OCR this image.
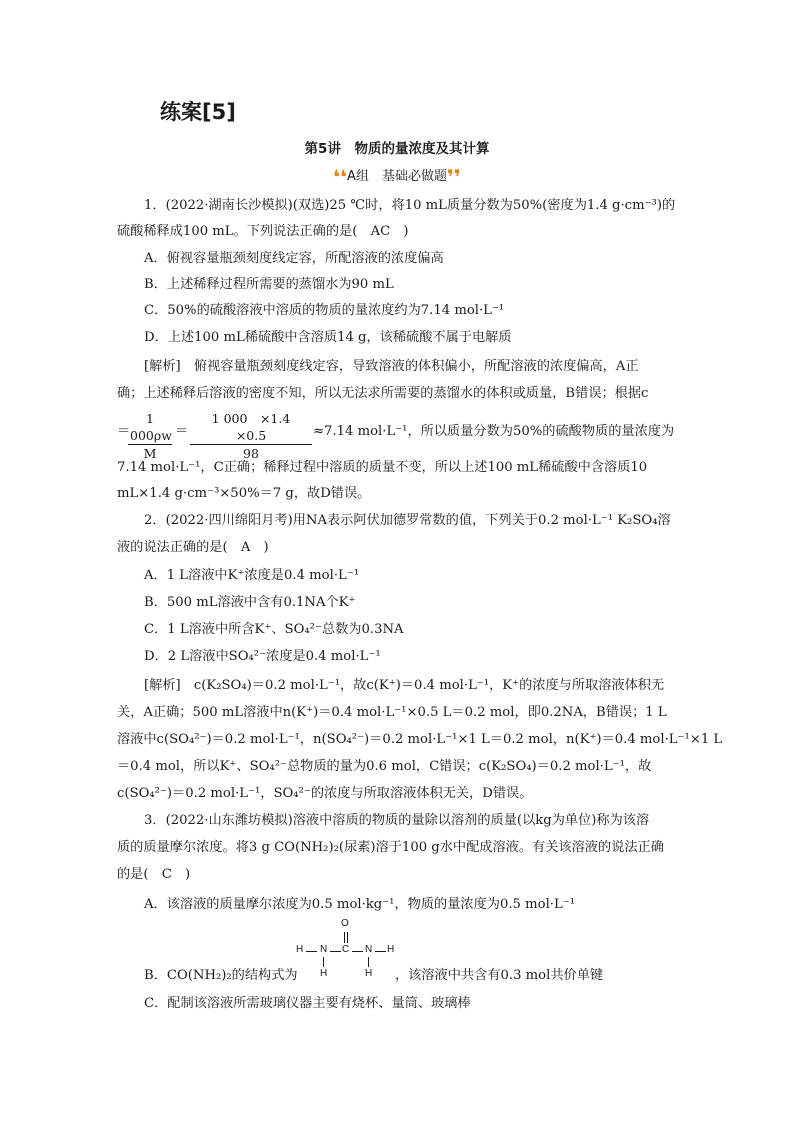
练案[5]
第5讲　物质的量浓度及其计算
❛❛A组　基础必做题❜❜
1．(2022·湖南长沙模拟)(双选)25 ℃时，将10 mL质量分数为50%(密度为1.4 g·cm⁻³)的
硫酸稀释成100 mL。下列说法正确的是(　AC　)
A．俯视容量瓶颈刻度线定容，所配溶液的浓度偏高
B．上述稀释过程所需要的蒸馏水为90 mL
C．50%的硫酸溶液中溶质的物质的量浓度约为7.14 mol·L⁻¹
D．上述100 mL稀硫酸中含溶质14 g，该稀硫酸不属于电解质
[解析]　俯视容量瓶颈刻度线定容，导致溶液的体积偏小，所配溶液的浓度偏高，A正
确；上述稀释后溶液的密度不知，所以无法求所需要的蒸馏水的体积或质量，B错误；根据c
＝
$\frac{1 000\rho w}{M} = \frac{1 000 \times 1.4 \times 0.5}{98} \approx 7.14$ mol·L⁻¹，所以质量分数为50%的硫酸物质的量浓度为
7.14 mol·L⁻¹，C正确；稀释过程中溶质的质量不变，所以上述100 mL稀硫酸中含溶质10
mL×1.4 g·cm⁻³×50%＝7 g，故D错误。
2．(2022·四川绵阳月考)用NA表示阿伏加德罗常数的值，下列关于0.2 mol·L⁻¹ K₂SO₄溶
液的说法正确的是(　A　)
A．1 L溶液中K⁺浓度是0.4 mol·L⁻¹
B．500 mL溶液中含有0.1NA个K⁺
C．1 L溶液中所含K⁺、SO₄²⁻总数为0.3NA
D．2 L溶液中SO₄²⁻浓度是0.4 mol·L⁻¹
[解析]　c(K₂SO₄)＝0.2 mol·L⁻¹，故c(K⁺)＝0.4 mol·L⁻¹，K⁺的浓度与所取溶液体积无
关，A正确；500 mL溶液中n(K⁺)＝0.4 mol·L⁻¹×0.5 L＝0.2 mol，即0.2NA，B错误；1 L
溶液中c(SO₄²⁻)＝0.2 mol·L⁻¹，n(SO₄²⁻)＝0.2 mol·L⁻¹×1 L＝0.2 mol，n(K⁺)＝0.4 mol·L⁻¹×1 L
＝0.4 mol，所以K⁺、SO₄²⁻总物质的量为0.6 mol，C错误；c(K₂SO₄)＝0.2 mol·L⁻¹，故
c(SO₄²⁻)＝0.2 mol·L⁻¹，SO₄²⁻的浓度与所取溶液体积无关，D错误。
3．(2022·山东潍坊模拟)溶液中溶质的物质的量除以溶剂的质量(以kg为单位)称为该溶
质的质量摩尔浓度。将3 g CO(NH₂)₂(尿素)溶于100 g水中配成溶液。有关该溶液的说法正确
的是(　C　)
A．该溶液的质量摩尔浓度为0.5 mol·kg⁻¹，物质的量浓度为0.5 mol·L⁻¹
O
H N C N H
H	H
B．CO(NH₂)₂的结构式为	，该溶液中共含有0.3 mol共价单键
C．配制该溶液所需玻璃仪器主要有烧杯、量筒、玻璃棒
